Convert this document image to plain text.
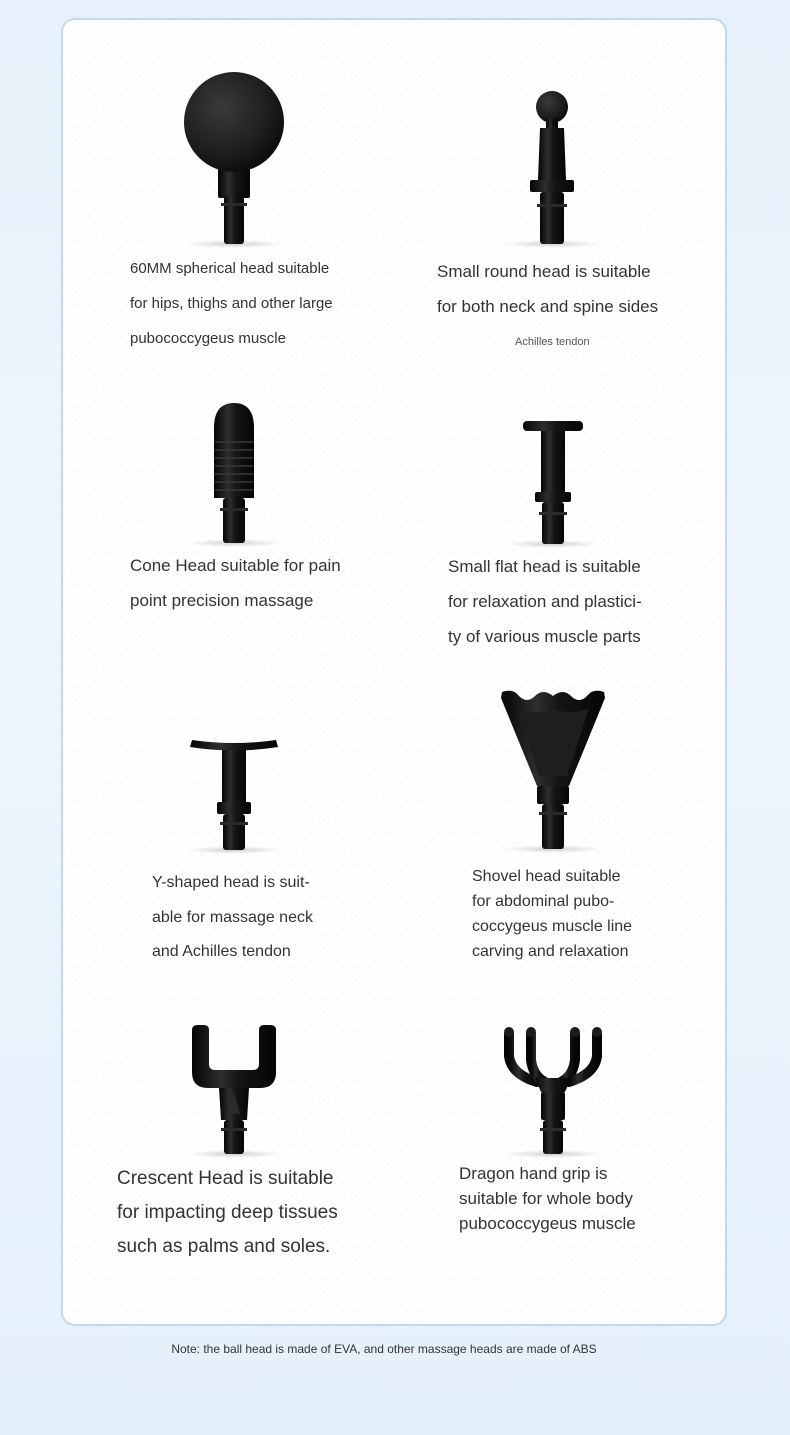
60MM spherical head suitable
for hips, thighs and other large
pubococcygeus muscle
Small round head is suitable
for both neck and spine sides
Achilles tendon
Cone Head suitable for pain
point precision massage
Small flat head is suitable
for relaxation and plastici-
ty of various muscle parts
Y-shaped head is suit-
able for massage neck
and Achilles tendon
Shovel head suitable
for abdominal pubo-
coccygeus muscle line
carving and relaxation
Crescent Head is suitable
for impacting deep tissues
such as palms and soles.
Dragon hand grip is
suitable for whole body
pubococcygeus muscle
Note: the ball head is made of EVA, and other massage heads are made of ABS
